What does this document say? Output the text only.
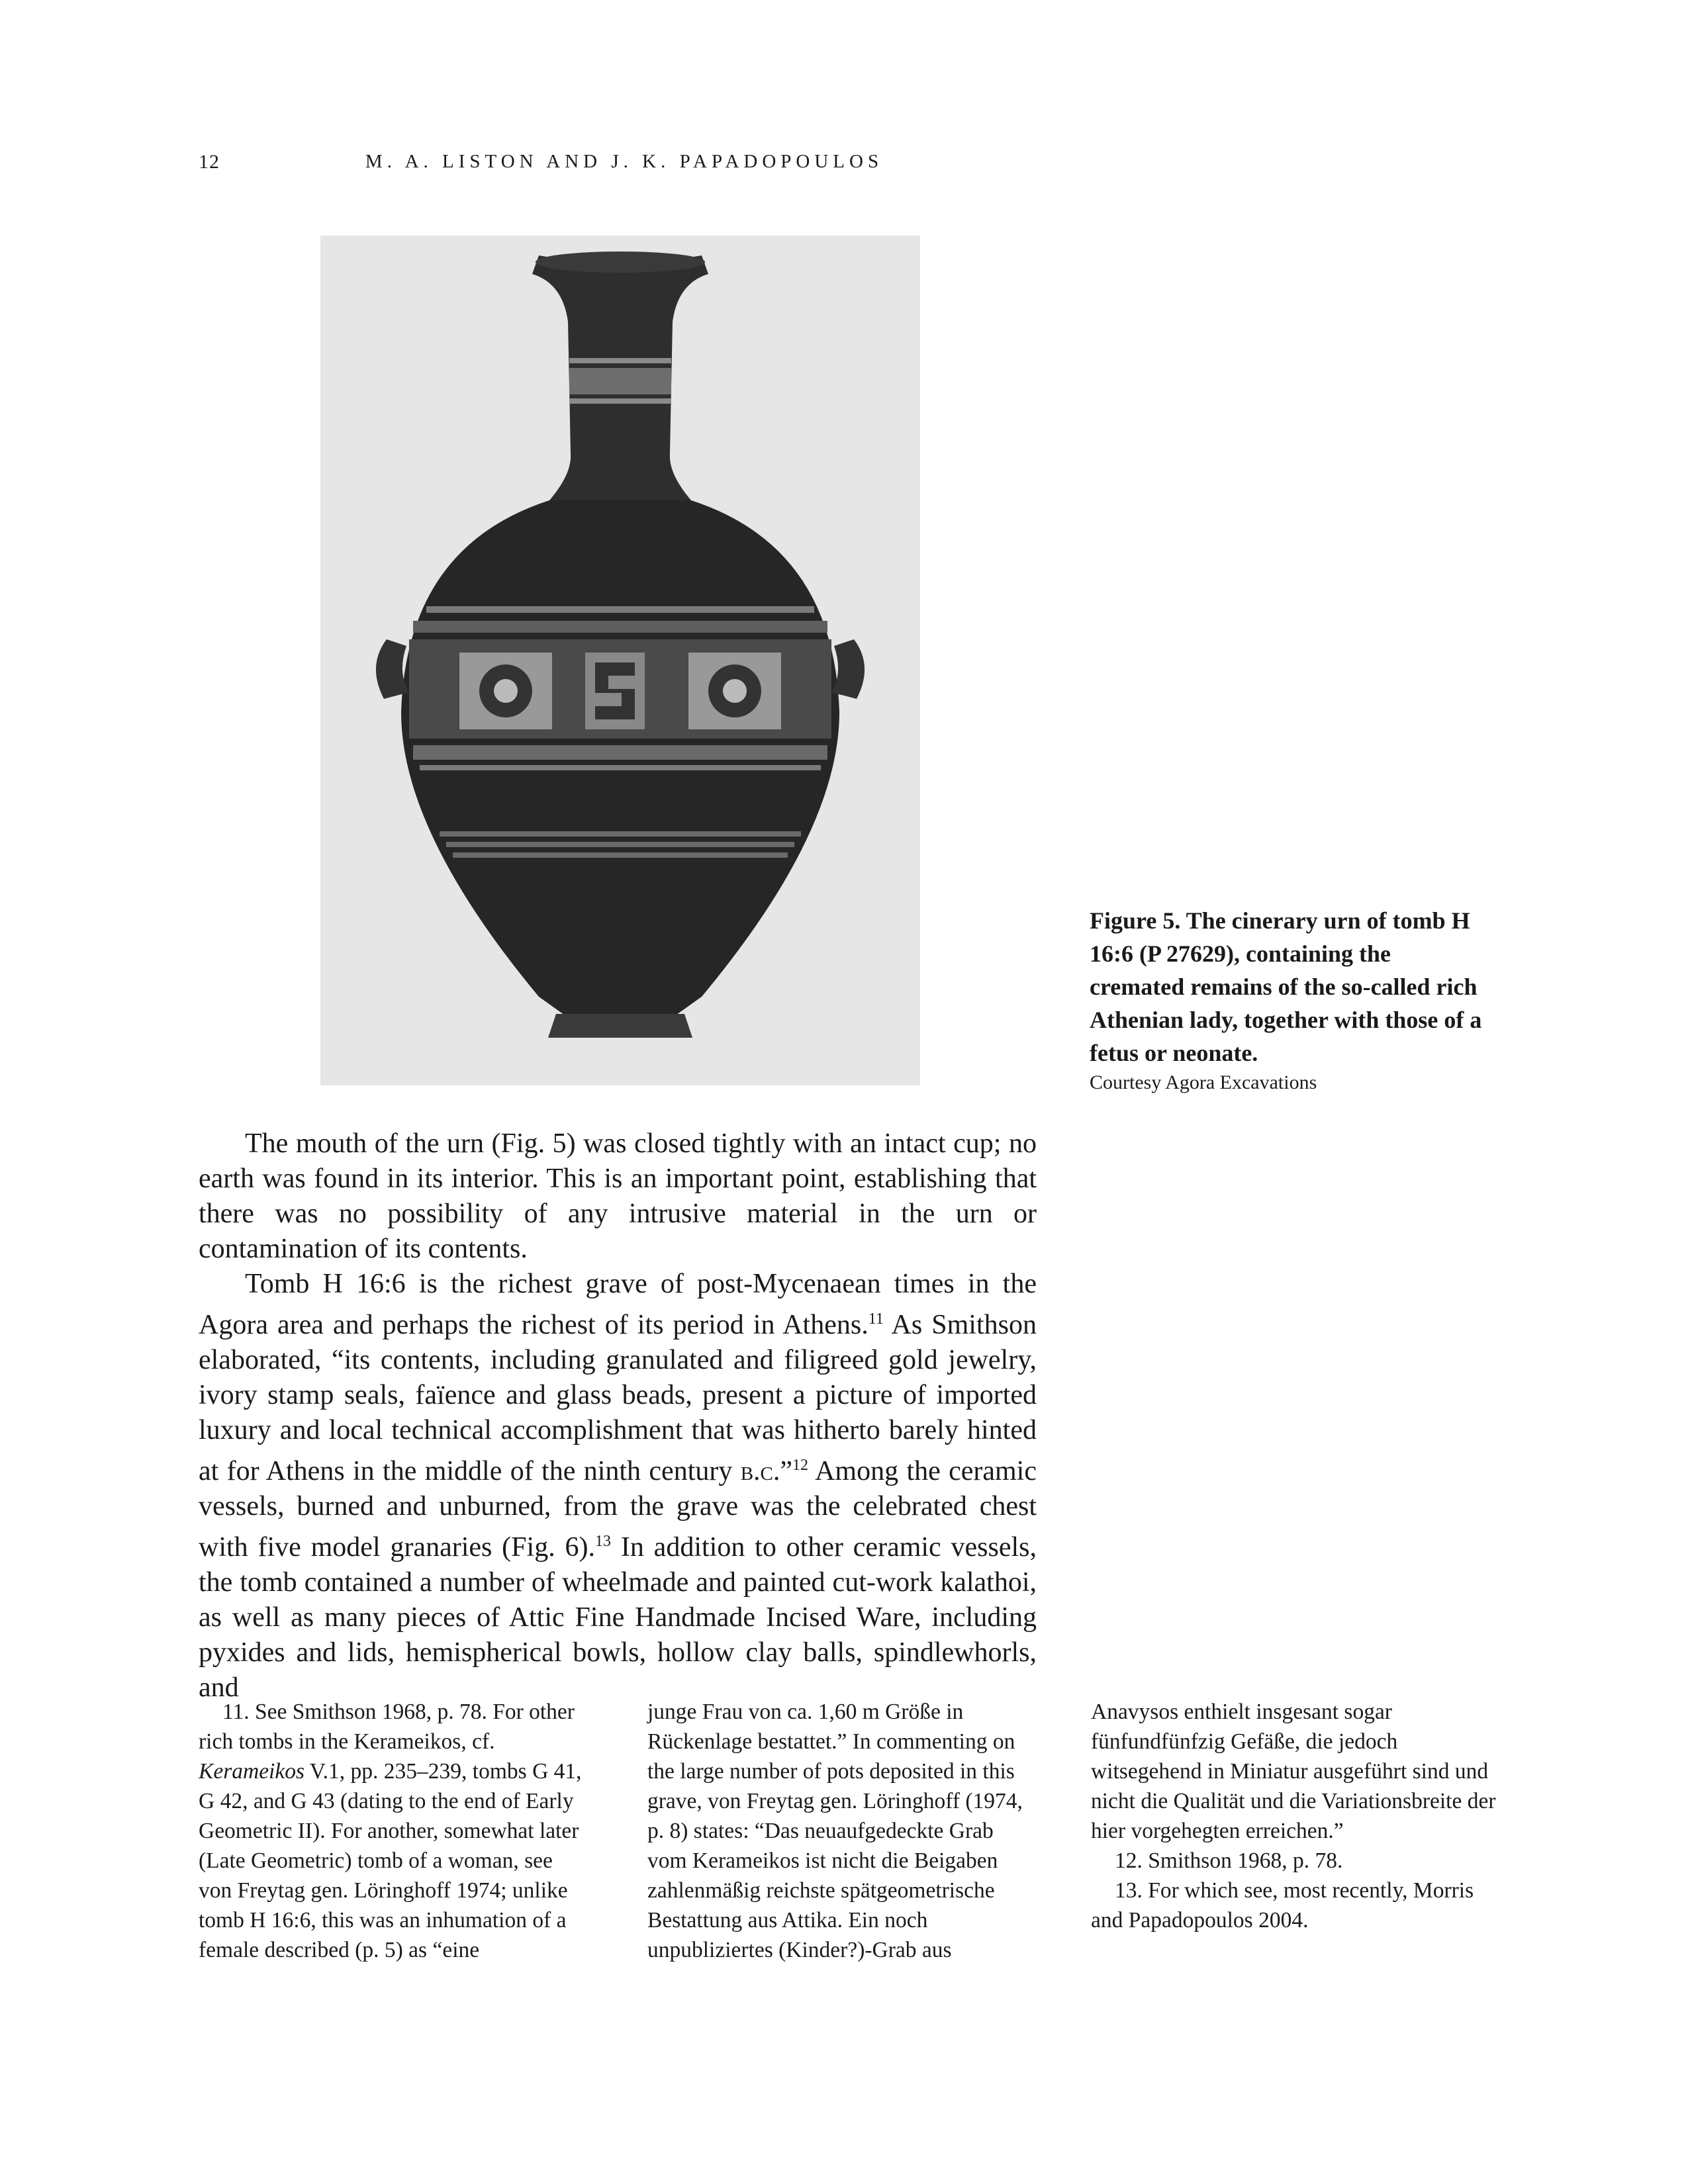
12	M. A. LISTON AND J. K. PAPADOPOULOS
Figure 5. The cinerary urn of tomb H 16:6 (P 27629), containing the cremated remains of the so-called rich Athenian lady, together with those of a fetus or neonate.
Courtesy Agora Excavations

The mouth of the urn (Fig. 5) was closed tightly with an intact cup; no earth was found in its interior. This is an important point, establishing that there was no possibility of any intrusive material in the urn or contamination of its contents.

Tomb H 16:6 is the richest grave of post-Mycenaean times in the Agora area and perhaps the richest of its period in Athens.$^{11}$ As Smithson elaborated, “its contents, including granulated and filigreed gold jewelry, ivory stamp seals, faïence and glass beads, present a picture of imported luxury and local technical accomplishment that was hitherto barely hinted at for Athens in the middle of the ninth century b.c.”$^{12}$ Among the ceramic vessels, burned and unburned, from the grave was the celebrated chest with five model granaries (Fig. 6).$^{13}$ In addition to other ceramic vessels, the tomb contained a number of wheelmade and painted cut-work kalathoi, as well as many pieces of Attic Fine Handmade Incised Ware, including pyxides and lids, hemispherical bowls, hollow clay balls, spindlewhorls, and

11. See Smithson 1968, p. 78. For other rich tombs in the Kerameikos, cf. Kerameikos V.1, pp. 235–239, tombs G 41, G 42, and G 43 (dating to the end of Early Geometric II). For another, somewhat later (Late Geometric) tomb of a woman, see von Freytag gen. Löringhoff 1974; unlike tomb H 16:6, this was an inhumation of a female described (p. 5) as “eine

junge Frau von ca. 1,60 m Größe in Rückenlage bestattet.” In commenting on the large number of pots deposited in this grave, von Freytag gen. Löringhoff (1974, p. 8) states: “Das neuaufgedeckte Grab vom Kerameikos ist nicht die Beigaben zahlenmäßig reichste spätgeometrische Bestattung aus Attika. Ein noch unpubliziertes (Kinder?)-Grab aus

Anavysos enthielt insgesant sogar fünfundfünfzig Gefäße, die jedoch witsegehend in Miniatur ausgeführt sind und nicht die Qualität und die Variationsbreite der hier vorgehegten erreichen.”

12. Smithson 1968, p. 78.

13. For which see, most recently, Morris and Papadopoulos 2004.
